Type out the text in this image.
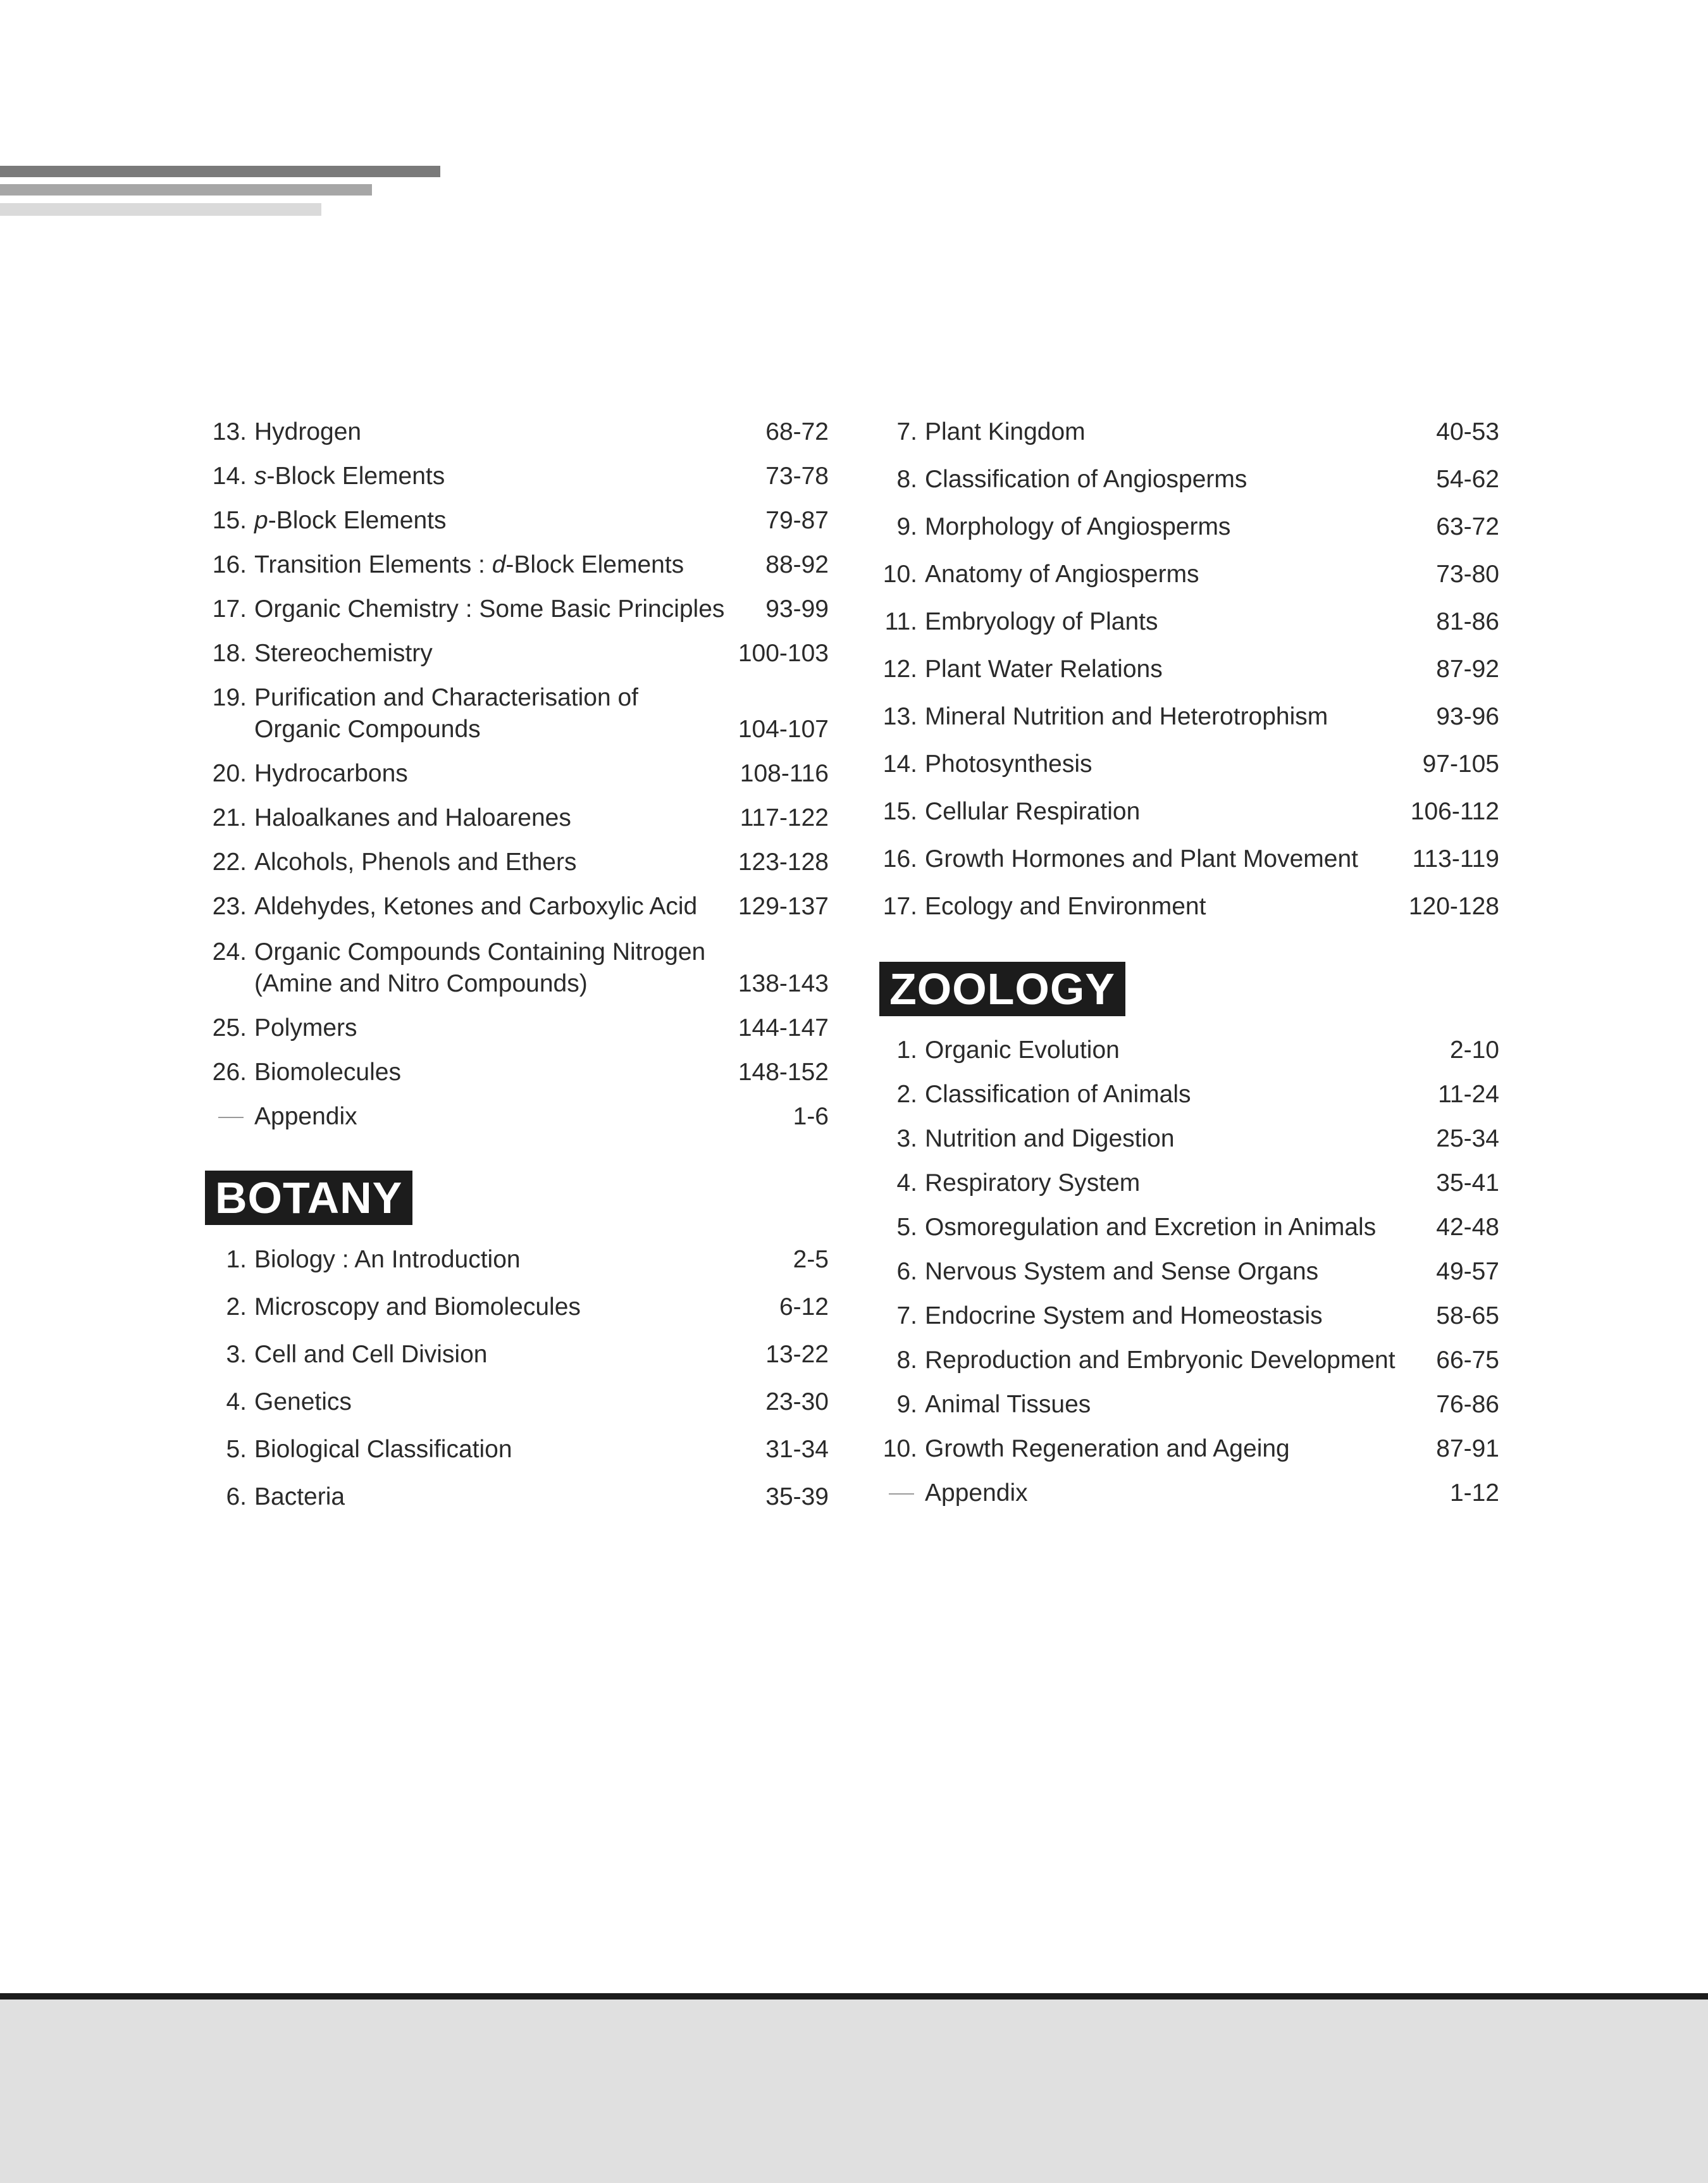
13. Hydrogen	68-72
14. s-Block Elements	73-78
15. p-Block Elements	79-87
16. Transition Elements : d-Block Elements	88-92
17. Organic Chemistry : Some Basic Principles 93-99
18. Stereochemistry	100-103
19. Purification and Characterisation of
Organic Compounds	104-107
20. Hydrocarbons	108-116
21. Haloalkanes and Haloarenes	117-122
22. Alcohols, Phenols and Ethers	123-128
23. Aldehydes, Ketones and Carboxylic Acid 129-137
24. Organic Compounds Containing Nitrogen
(Amine and Nitro Compounds)	138-143
25. Polymers	144-147
26. Biomolecules	148-152
Appendix	1-6
BOTANY
1. Biology : An Introduction	2-5
2. Microscopy and Biomolecules	6-12
3. Cell and Cell Division	13-22
4. Genetics	23-30
5. Biological Classification	31-34
6. Bacteria	35-39
7. Plant Kingdom	40-53
8. Classification of Angiosperms	54-62
9. Morphology of Angiosperms	63-72
10. Anatomy of Angiosperms	73-80
11. Embryology of Plants	81-86
12. Plant Water Relations	87-92
13. Mineral Nutrition and Heterotrophism	93-96
14. Photosynthesis	97-105
15. Cellular Respiration	106-112
16. Growth Hormones and Plant Movement 113-119
17. Ecology and Environment	120-128
ZOOLOGY
1. Organic Evolution	2-10
2. Classification of Animals	11-24
3. Nutrition and Digestion	25-34
4. Respiratory System	35-41
5. Osmoregulation and Excretion in Animals 42-48
6. Nervous System and Sense Organs	49-57
7. Endocrine System and Homeostasis	58-65
8. Reproduction and Embryonic Development 66-75
9. Animal Tissues	76-86
10. Growth Regeneration and Ageing	87-91
Appendix	1-12
